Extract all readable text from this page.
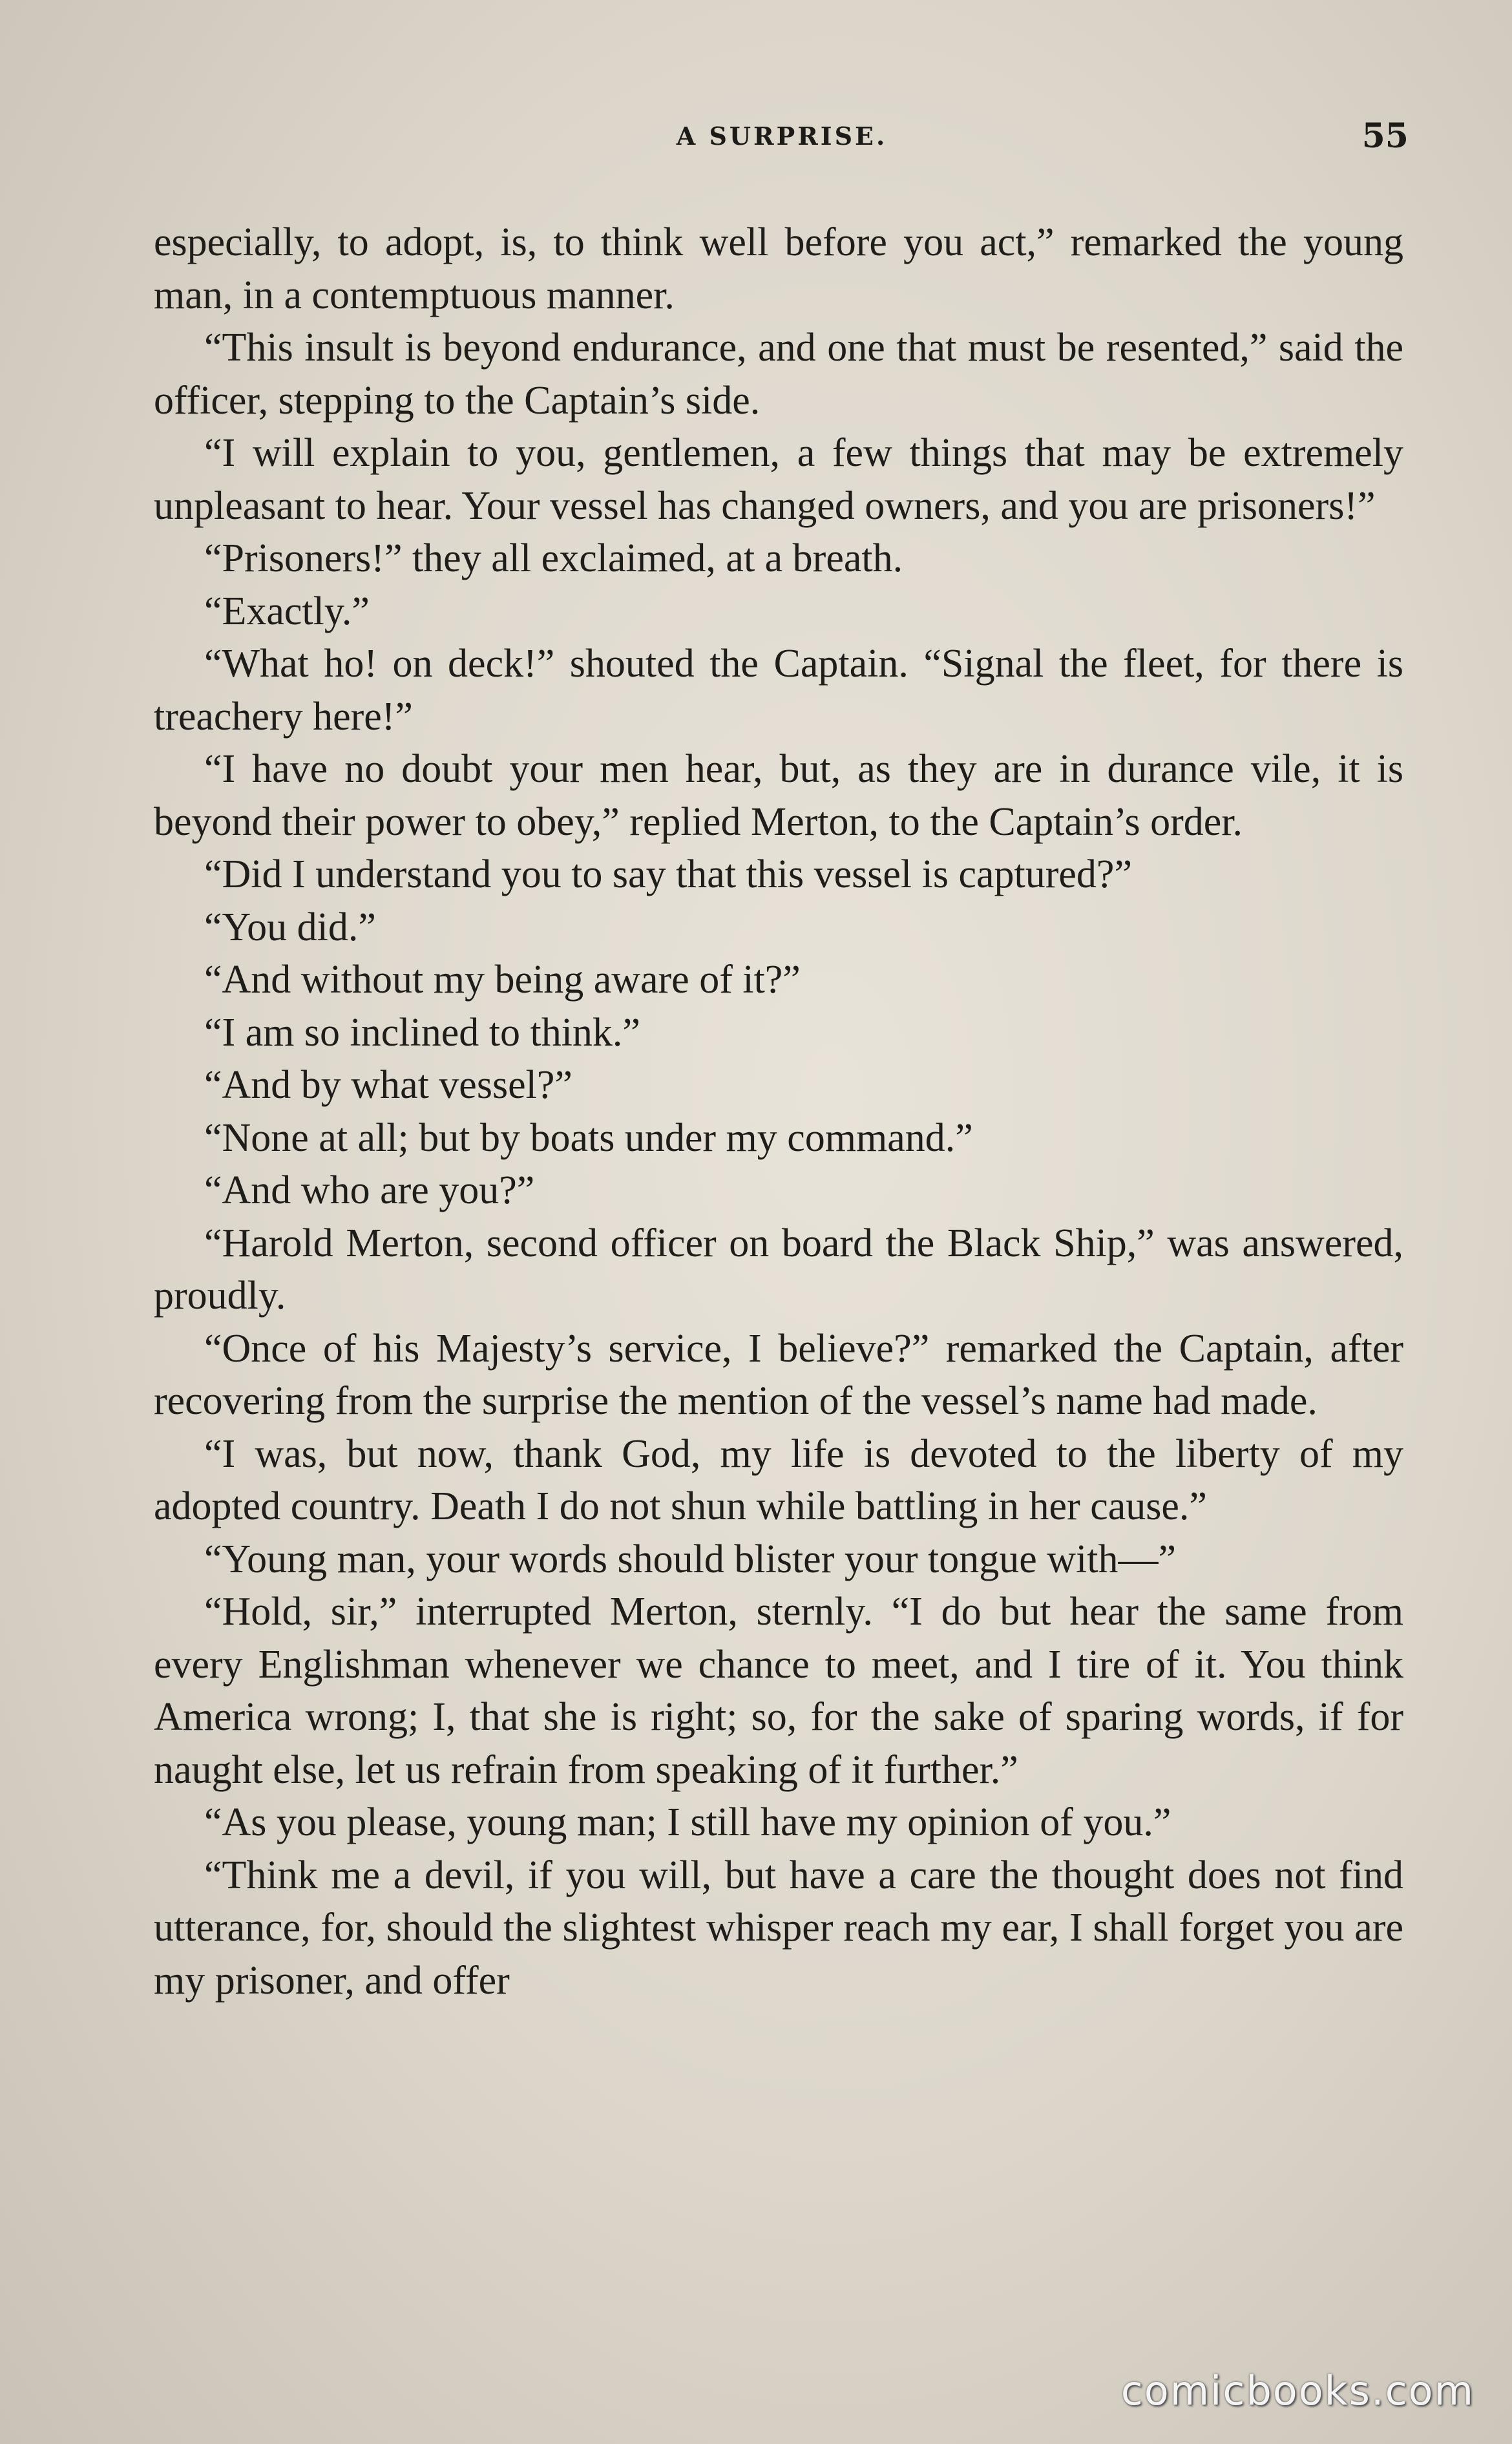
A SURPRISE.	55

especially, to adopt, is, to think well before you act,” remarked the young man, in a contemptuous manner.

“This insult is beyond endurance, and one that must be resented,” said the officer, stepping to the Captain’s side.

“I will explain to you, gentlemen, a few things that may be extremely unpleasant to hear. Your vessel has changed owners, and you are prisoners!”

“Prisoners!” they all exclaimed, at a breath.

“Exactly.”

“What ho! on deck!” shouted the Captain. “Signal the fleet, for there is treachery here!”

“I have no doubt your men hear, but, as they are in durance vile, it is beyond their power to obey,” replied Merton, to the Captain’s order.

“Did I understand you to say that this vessel is captured?”

“You did.”

“And without my being aware of it?”

“I am so inclined to think.”

“And by what vessel?”

“None at all; but by boats under my command.”

“And who are you?”

“Harold Merton, second officer on board the Black Ship,” was answered, proudly.

“Once of his Majesty’s service, I believe?” remarked the Captain, after recovering from the surprise the mention of the vessel’s name had made.

“I was, but now, thank God, my life is devoted to the liberty of my adopted country. Death I do not shun while battling in her cause.”

“Young man, your words should blister your tongue with—”

“Hold, sir,” interrupted Merton, sternly. “I do but hear the same from every Englishman whenever we chance to meet, and I tire of it. You think America wrong; I, that she is right; so, for the sake of sparing words, if for naught else, let us refrain from speaking of it further.”

“As you please, young man; I still have my opinion of you.”

“Think me a devil, if you will, but have a care the thought does not find utterance, for, should the slightest whisper reach my ear, I shall forget you are my prisoner, and offer

comicbooks.com
